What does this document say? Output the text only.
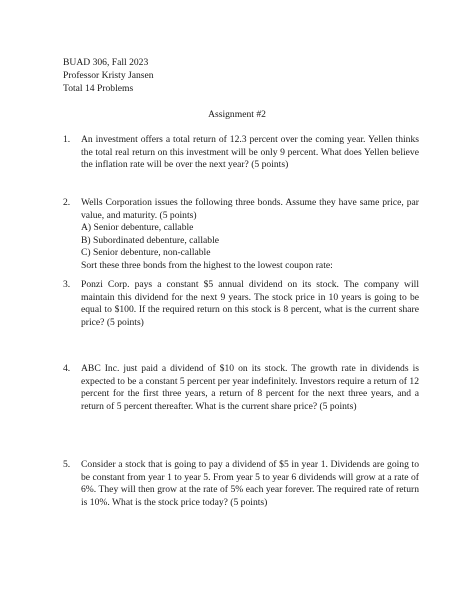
BUAD 306, Fall 2023
Professor Kristy Jansen
Total 14 Problems
Assignment #2
1. An investment offers a total return of 12.3 percent over the coming year. Yellen thinks the total real return on this investment will be only 9 percent. What does Yellen believe the inflation rate will be over the next year? (5 points)
2. Wells Corporation issues the following three bonds. Assume they have same price, par value, and maturity. (5 points)
A) Senior debenture, callable
B) Subordinated debenture, callable
C) Senior debenture, non-callable
Sort these three bonds from the highest to the lowest coupon rate:
3. Ponzi Corp. pays a constant $5 annual dividend on its stock. The company will maintain this dividend for the next 9 years. The stock price in 10 years is going to be equal to $100. If the required return on this stock is 8 percent, what is the current share price? (5 points)
4. ABC Inc. just paid a dividend of $10 on its stock. The growth rate in dividends is expected to be a constant 5 percent per year indefinitely. Investors require a return of 12 percent for the first three years, a return of 8 percent for the next three years, and a return of 5 percent thereafter. What is the current share price? (5 points)
5. Consider a stock that is going to pay a dividend of $5 in year 1. Dividends are going to be constant from year 1 to year 5. From year 5 to year 6 dividends will grow at a rate of 6%. They will then grow at the rate of 5% each year forever. The required rate of return is 10%. What is the stock price today? (5 points)
